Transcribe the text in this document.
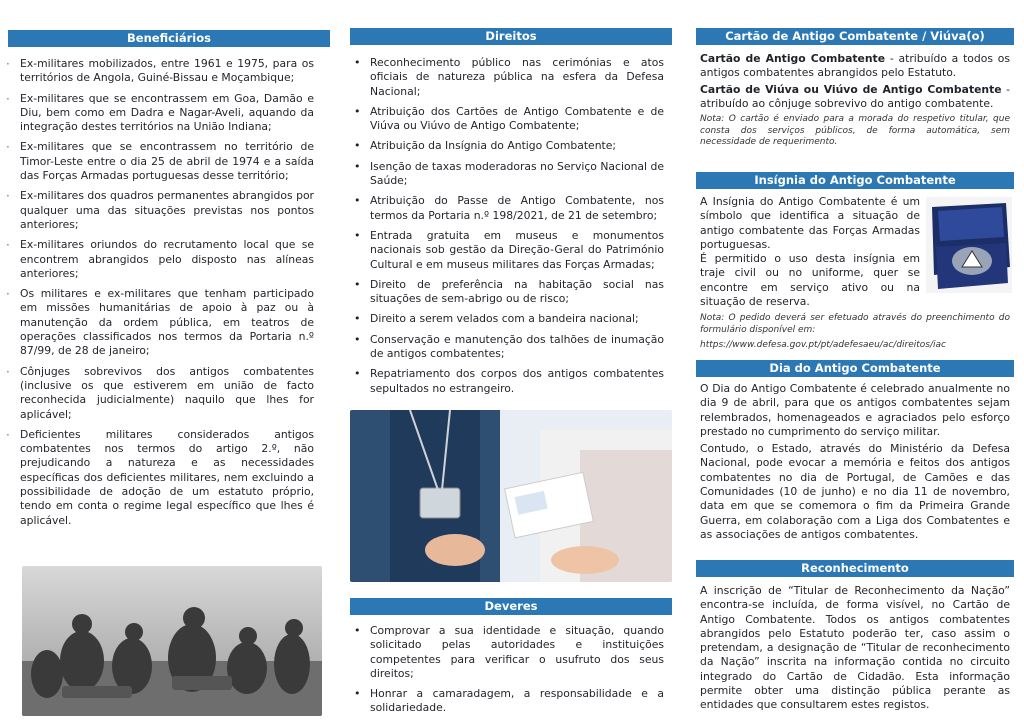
Beneficiários
· Ex-militares mobilizados, entre 1961 e 1975, para os territórios de Angola, Guiné-Bissau e Moçambique;
· Ex-militares que se encontrassem em Goa, Damão e Diu, bem como em Dadra e Nagar-Aveli, aquando da integração destes territórios na União Indiana;
· Ex-militares que se encontrassem no território de Timor-Leste entre o dia 25 de abril de 1974 e a saída das Forças Armadas portuguesas desse território;
· Ex-militares dos quadros permanentes abrangidos por qualquer uma das situações previstas nos pontos anteriores;
· Ex-militares oriundos do recrutamento local que se encontrem abrangidos pelo disposto nas alíneas anteriores;
· Os militares e ex-militares que tenham participado em missões humanitárias de apoio à paz ou à manutenção da ordem pública, em teatros de operações classificados nos termos da Portaria n.º 87/99, de 28 de janeiro;
· Cônjuges sobrevivos dos antigos combatentes (inclusive os que estiverem em união de facto reconhecida judicialmente) naquilo que lhes for aplicável;
· Deficientes militares considerados antigos combatentes nos termos do artigo 2.º, não prejudicando a natureza e as necessidades específicas dos deficientes militares, nem excluindo a possibilidade de adoção de um estatuto próprio, tendo em conta o regime legal específico que lhes é aplicável.
Direitos
• Reconhecimento público nas cerimónias e atos oficiais de natureza pública na esfera da Defesa Nacional;
• Atribuição dos Cartões de Antigo Combatente e de Viúva ou Viúvo de Antigo Combatente;
• Atribuição da Insígnia do Antigo Combatente;
• Isenção de taxas moderadoras no Serviço Nacional de Saúde;
• Atribuição do Passe de Antigo Combatente, nos termos da Portaria n.º 198/2021, de 21 de setembro;
• Entrada gratuita em museus e monumentos nacionais sob gestão da Direção-Geral do Património Cultural e em museus militares das Forças Armadas;
• Direito de preferência na habitação social nas situações de sem-abrigo ou de risco;
• Direito a serem velados com a bandeira nacional;
• Conservação e manutenção dos talhões de inumação de antigos combatentes;
• Repatriamento dos corpos dos antigos combatentes sepultados no estrangeiro.
Deveres
• Comprovar a sua identidade e situação, quando solicitado pelas autoridades e instituições competentes para verificar o usufruto dos seus direitos;
• Honrar a camaradagem, a responsabilidade e a solidariedade.
Cartão de Antigo Combatente / Viúva(o)

Cartão de Antigo Combatente - atribuído a todos os antigos combatentes abrangidos pelo Estatuto.

Cartão de Viúva ou Viúvo de Antigo Combatente - atribuído ao cônjuge sobrevivo do antigo combatente.

Nota: O cartão é enviado para a morada do respetivo titular, que consta dos serviços públicos, de forma automática, sem necessidade de requerimento.

Insígnia do Antigo Combatente

A Insígnia do Antigo Combatente é um símbolo que identifica a situação de antigo combatente das Forças Armadas portuguesas.

É permitido o uso desta insígnia em traje civil ou no uniforme, quer se encontre em serviço ativo ou na situação de reserva.

Nota: O pedido deverá ser efetuado através do preenchimento do formulário disponível em:

https://www.defesa.gov.pt/pt/adefesaeu/ac/direitos/iac

Dia do Antigo Combatente

O Dia do Antigo Combatente é celebrado anualmente no dia 9 de abril, para que os antigos combatentes sejam relembrados, homenageados e agraciados pelo esforço prestado no cumprimento do serviço militar.

Contudo, o Estado, através do Ministério da Defesa Nacional, pode evocar a memória e feitos dos antigos combatentes no dia de Portugal, de Camões e das Comunidades (10 de junho) e no dia 11 de novembro, data em que se comemora o fim da Primeira Grande Guerra, em colaboração com a Liga dos Combatentes e as associações de antigos combatentes.

Reconhecimento

A inscrição de “Titular de Reconhecimento da Nação” encontra-se incluída, de forma visível, no Cartão de Antigo Combatente. Todos os antigos combatentes abrangidos pelo Estatuto poderão ter, caso assim o pretendam, a designação de “Titular de reconhecimento da Nação” inscrita na informação contida no circuito integrado do Cartão de Cidadão. Esta informação permite obter uma distinção pública perante as entidades que consultarem estes registos.
